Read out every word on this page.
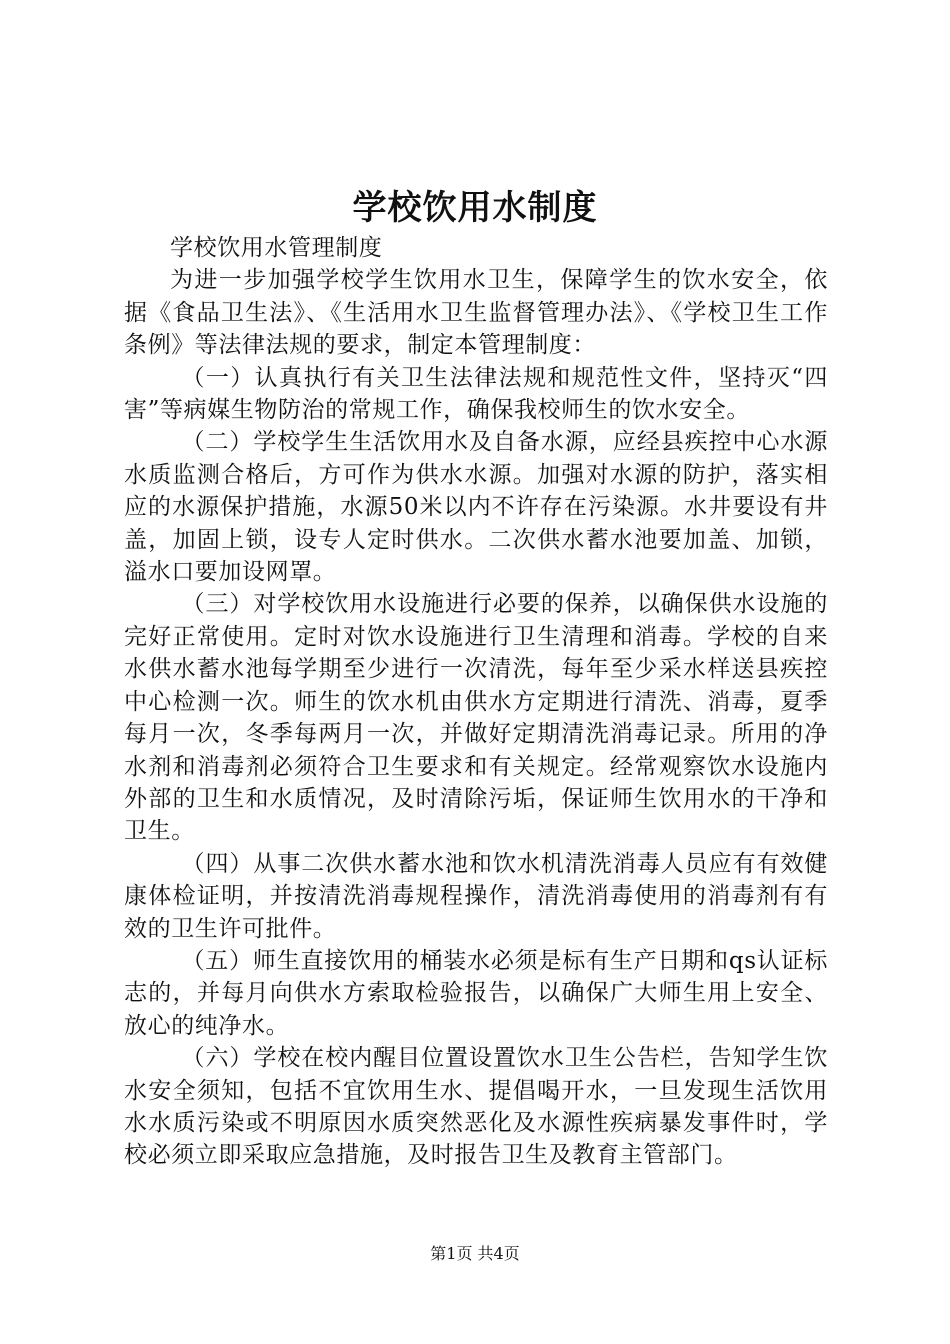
学校饮用水制度

学校饮用水管理制度

为进一步加强学校学生饮用水卫生，保障学生的饮水安全，依据《食品卫生法》、《生活用水卫生监督管理办法》、《学校卫生工作条例》等法律法规的要求，制定本管理制度：

（一）认真执行有关卫生法律法规和规范性文件，坚持灭“四害”等病媒生物防治的常规工作，确保我校师生的饮水安全。

（二）学校学生生活饮用水及自备水源，应经县疾控中心水源水质监测合格后，方可作为供水水源。加强对水源的防护，落实相应的水源保护措施，水源50米以内不许存在污染源。水井要设有井盖，加固上锁，设专人定时供水。二次供水蓄水池要加盖、加锁，溢水口要加设网罩。

（三）对学校饮用水设施进行必要的保养，以确保供水设施的完好正常使用。定时对饮水设施进行卫生清理和消毒。学校的自来水供水蓄水池每学期至少进行一次清洗，每年至少采水样送县疾控中心检测一次。师生的饮水机由供水方定期进行清洗、消毒，夏季每月一次，冬季每两月一次，并做好定期清洗消毒记录。所用的净水剂和消毒剂必须符合卫生要求和有关规定。经常观察饮水设施内外部的卫生和水质情况，及时清除污垢，保证师生饮用水的干净和卫生。

（四）从事二次供水蓄水池和饮水机清洗消毒人员应有有效健康体检证明，并按清洗消毒规程操作，清洗消毒使用的消毒剂有有效的卫生许可批件。

（五）师生直接饮用的桶装水必须是标有生产日期和qs认证标志的，并每月向供水方索取检验报告，以确保广大师生用上安全、放心的纯净水。

（六）学校在校内醒目位置设置饮水卫生公告栏，告知学生饮水安全须知，包括不宜饮用生水、提倡喝开水，一旦发现生活饮用水水质污染或不明原因水质突然恶化及水源性疾病暴发事件时，学校必须立即采取应急措施，及时报告卫生及教育主管部门。

第1页 共4页
